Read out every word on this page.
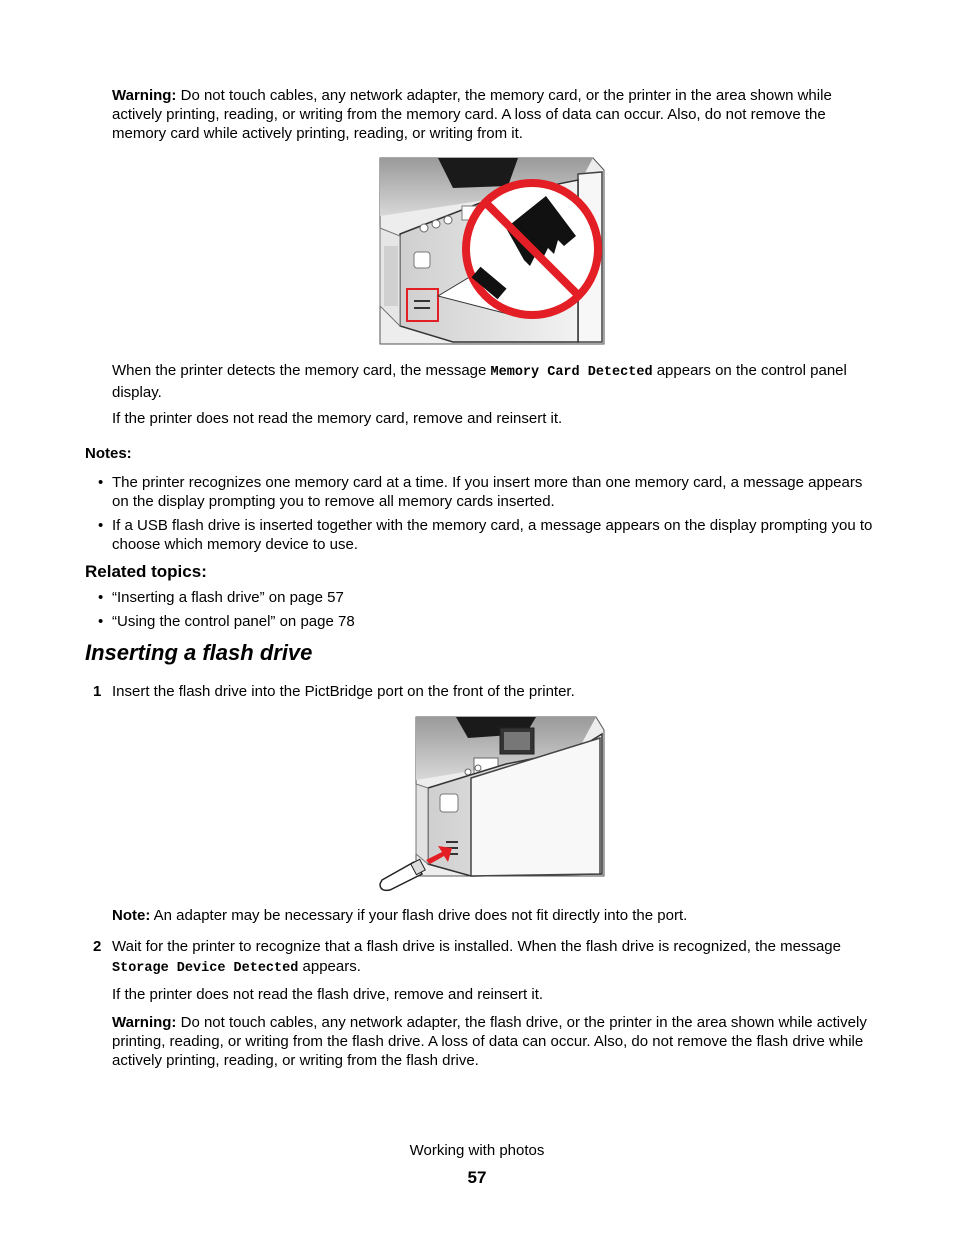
Warning: Do not touch cables, any network adapter, the memory card, or the printer in the area shown while actively printing, reading, or writing from the memory card. A loss of data can occur. Also, do not remove the memory card while actively printing, reading, or writing from it.

When the printer detects the memory card, the message Memory Card Detected appears on the control panel display.

If the printer does not read the memory card, remove and reinsert it.

Notes:

• The printer recognizes one memory card at a time. If you insert more than one memory card, a message appears on the display prompting you to remove all memory cards inserted.
• If a USB flash drive is inserted together with the memory card, a message appears on the display prompting you to choose which memory device to use.

Related topics:

• “Inserting a flash drive” on page 57
• “Using the control panel” on page 78

Inserting a flash drive

1 Insert the flash drive into the PictBridge port on the front of the printer.

Note: An adapter may be necessary if your flash drive does not fit directly into the port.

2 Wait for the printer to recognize that a flash drive is installed. When the flash drive is recognized, the message Storage Device Detected appears.

If the printer does not read the flash drive, remove and reinsert it.

Warning: Do not touch cables, any network adapter, the flash drive, or the printer in the area shown while actively printing, reading, or writing from the flash drive. A loss of data can occur. Also, do not remove the flash drive while actively printing, reading, or writing from the flash drive.

Working with photos

57
